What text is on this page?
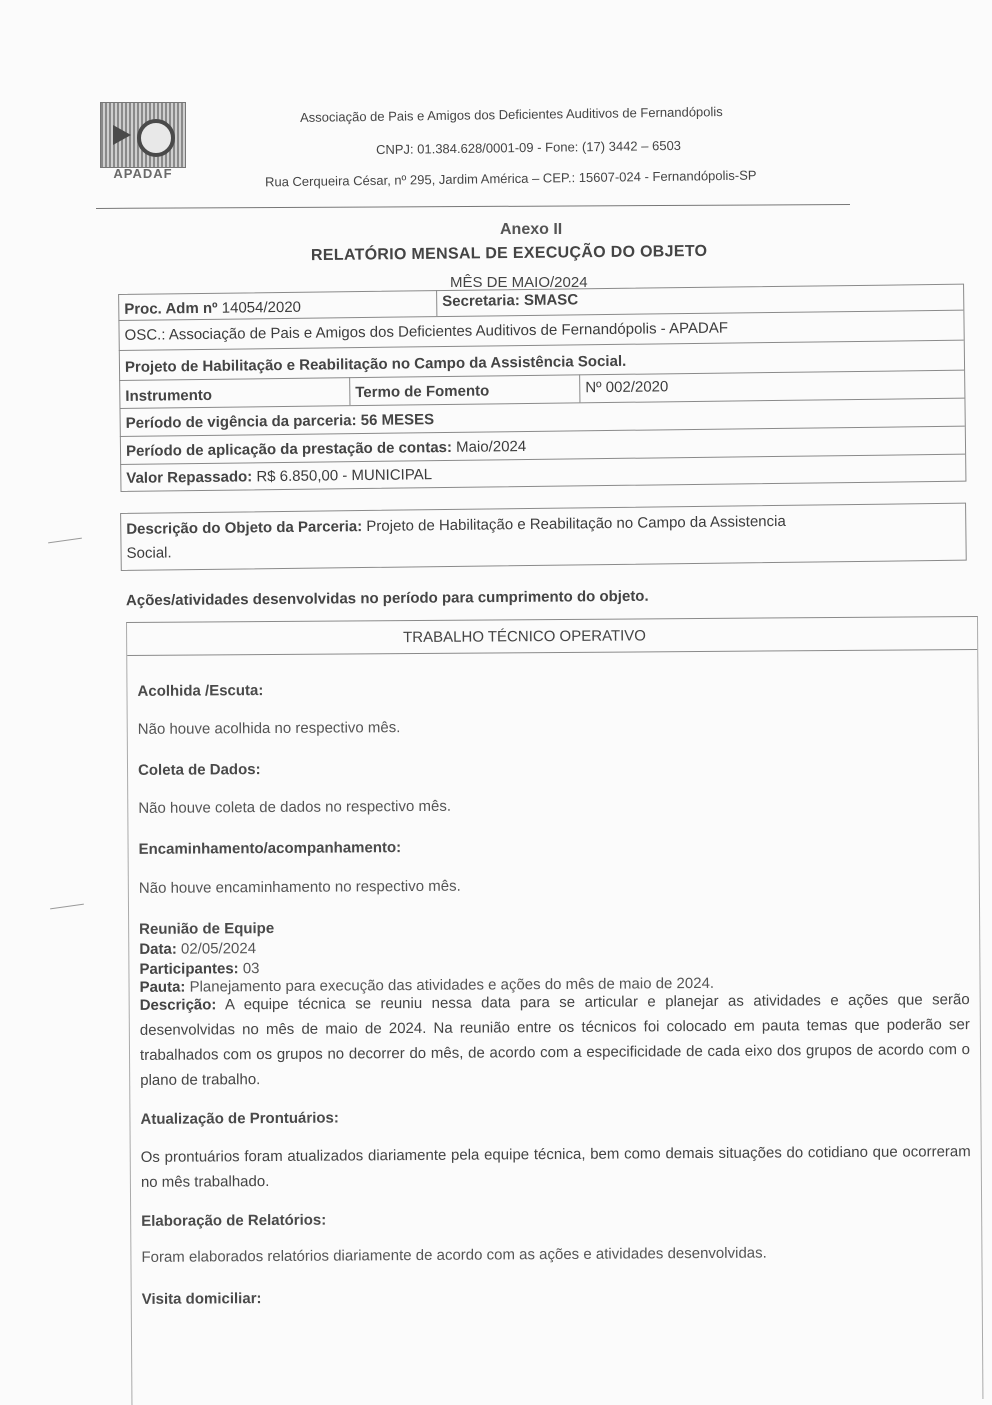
APADAF
Associação de Pais e Amigos dos Deficientes Auditivos de Fernandópolis
CNPJ: 01.384.628/0001-09 - Fone: (17) 3442 – 6503
Rua Cerqueira César, nº 295, Jardim América – CEP.: 15607-024 - Fernandópolis-SP
Anexo II
RELATÓRIO MENSAL DE EXECUÇÃO DO OBJETO
MÊS DE MAIO/2024
Proc. Adm nº 14054/2020	Secretaria: SMASC
OSC.: Associação de Pais e Amigos dos Deficientes Auditivos de Fernandópolis - APADAF
Projeto de Habilitação e Reabilitação no Campo da Assistência Social.
Instrumento	Termo de Fomento	Nº 002/2020
Período de vigência da parceria: 56 MESES
Período de aplicação da prestação de contas: Maio/2024
Valor Repassado: R$ 6.850,00 - MUNICIPAL
Descrição do Objeto da Parceria: Projeto de Habilitação e Reabilitação no Campo da Assistencia
Social.
Ações/atividades desenvolvidas no período para cumprimento do objeto.
TRABALHO TÉCNICO OPERATIVO
Acolhida /Escuta:
Não houve acolhida no respectivo mês.
Coleta de Dados:
Não houve coleta de dados no respectivo mês.
Encaminhamento/acompanhamento:
Não houve encaminhamento no respectivo mês.
Reunião de Equipe
Data: 02/05/2024
Participantes: 03
Pauta: Planejamento para execução das atividades e ações do mês de maio de 2024.
Descrição: A equipe técnica se reuniu nessa data para se articular e planejar as atividades e ações que serão desenvolvidas no mês de maio de 2024. Na reunião entre os técnicos foi colocado em pauta temas que poderão ser trabalhados com os grupos no decorrer do mês, de acordo com a especificidade de cada eixo dos grupos de acordo com o plano de trabalho.
Atualização de Prontuários:
Os prontuários foram atualizados diariamente pela equipe técnica, bem como demais situações do cotidiano que ocorreram no mês trabalhado.
Elaboração de Relatórios:
Foram elaborados relatórios diariamente de acordo com as ações e atividades desenvolvidas.
Visita domiciliar:
